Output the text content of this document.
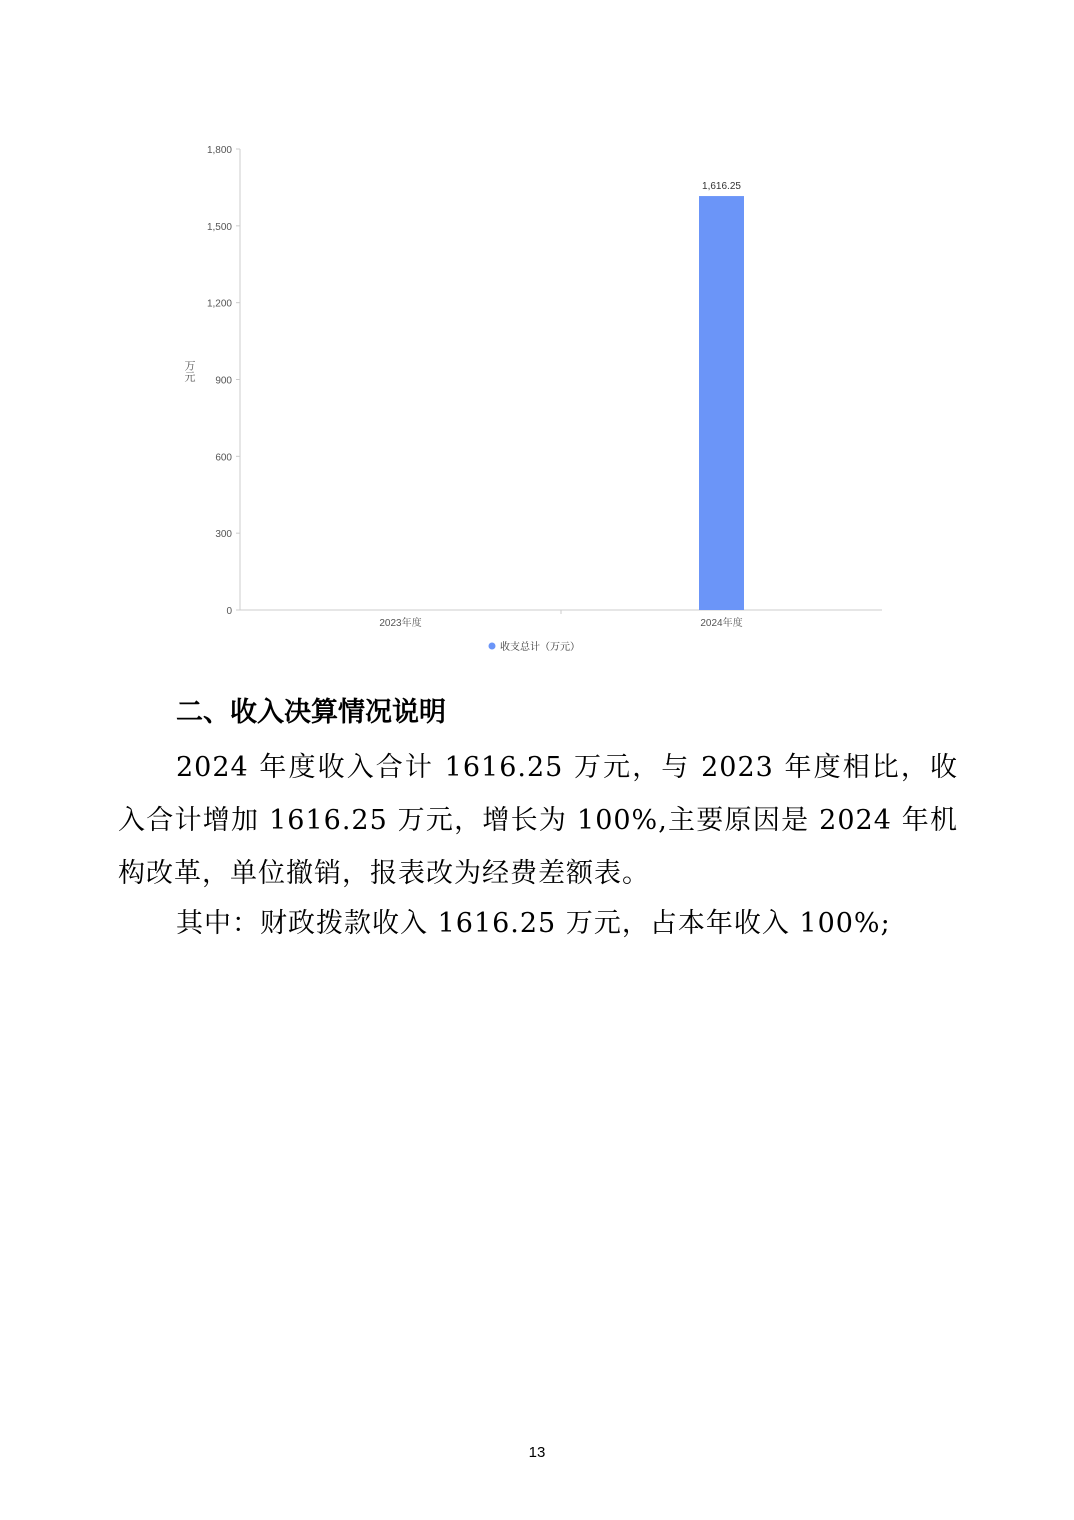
0
300
600
900
1,200
1,500
1,800
2023年度	2024年度
1,616.25
万元
收支总计（万元）
二、收入决算情况说明

2024 年度收入合计 1616.25 万元，与 2023 年度相比，收入合计增加 1616.25 万元，增长为 100%,主要原因是 2024 年机构改革，单位撤销，报表改为经费差额表。

其中：财政拨款收入 1616.25 万元，占本年收入 100%;

13
